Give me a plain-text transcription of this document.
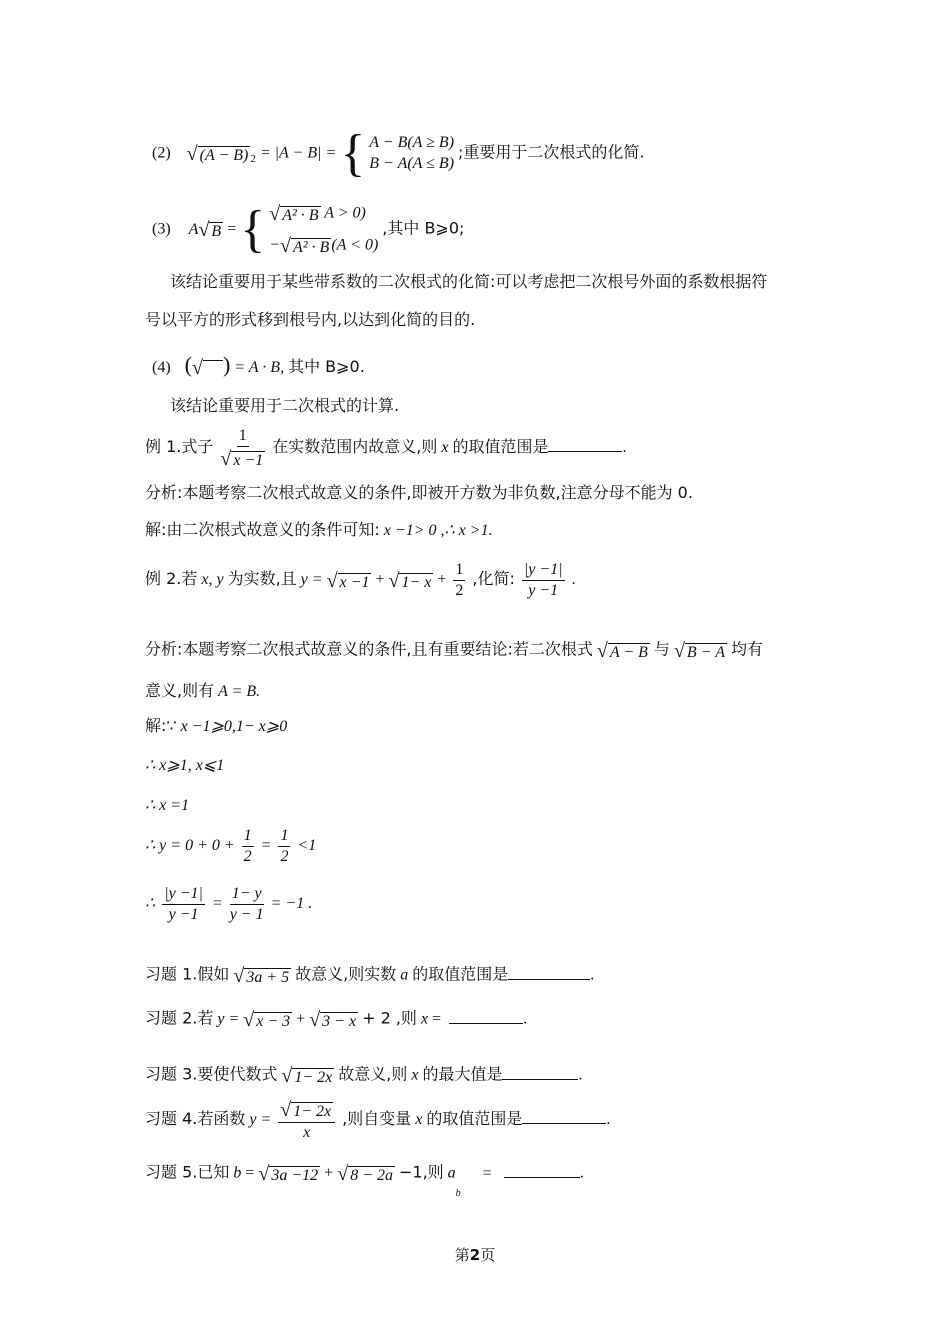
(2) √ (A − B) $_2$ = |A − B| = { A − B(A ≥ B)
B − A(A ≤ B)
;重要用于二次根式的化简.
(3) A√ B = { √ A² · B A > 0)
−√ A² · B (A < 0)
,其中 B⩾0;
该结论重要用于某些带系数的二次根式的化简:可以考虑把二次根号外面的系数根据符
号以平方的形式移到根号内,以达到化简的目的.
(4) (√ ) = A · B, 其中 B⩾0.
该结论重要用于二次根式的计算.
例 1.式子 $\frac{1}{√ x -1}$ 在实数范围内故意义,则 x 的取值范围是	.
分析:本题考察二次根式故意义的条件,即被开方数为非负数,注意分母不能为 0.
解:由二次根式故意义的条件可知: x −1> 0 ,∴ x >1.
例 2.若 x, y 为实数,且 y = √ x −1 + √ $1- x + \frac{1}{2}$ ,化简: $\frac{|y -1|}{y -1}$ .
分析:本题考察二次根式故意义的条件,且有重要结论:若二次根式 √ A − B 与 √ B − A 均有
意义,则有 A = B.
解:∵ x −1⩾0,1− x⩾0
∴ x⩾1, x⩽1
∴ x =1
∴ $y = 0 + 0 + \frac{1}{2} = \frac{1}{2} <1$
∴ $\frac{|y -1|}{y -1} = \frac{1- y}{y - 1} = -1$ .
习题 1.假如 √ 3a + 5 故意义,则实数 a 的取值范围是	.
习题 2.若 y = √ x − 3 + √ 3 − x + 2 ,则 x =	.
习题 3.要使代数式 √ 1− 2x 故意义,则 x 的最大值是	.
习题 4.若函数 $y = \frac{√ 1- 2x}{x}$ ,则自变量 x 的取值范围是	.
习题 5.已知 b = √ 3a −12 + √ 8 − 2a −1,则 $a_b$ =	.
第2页
